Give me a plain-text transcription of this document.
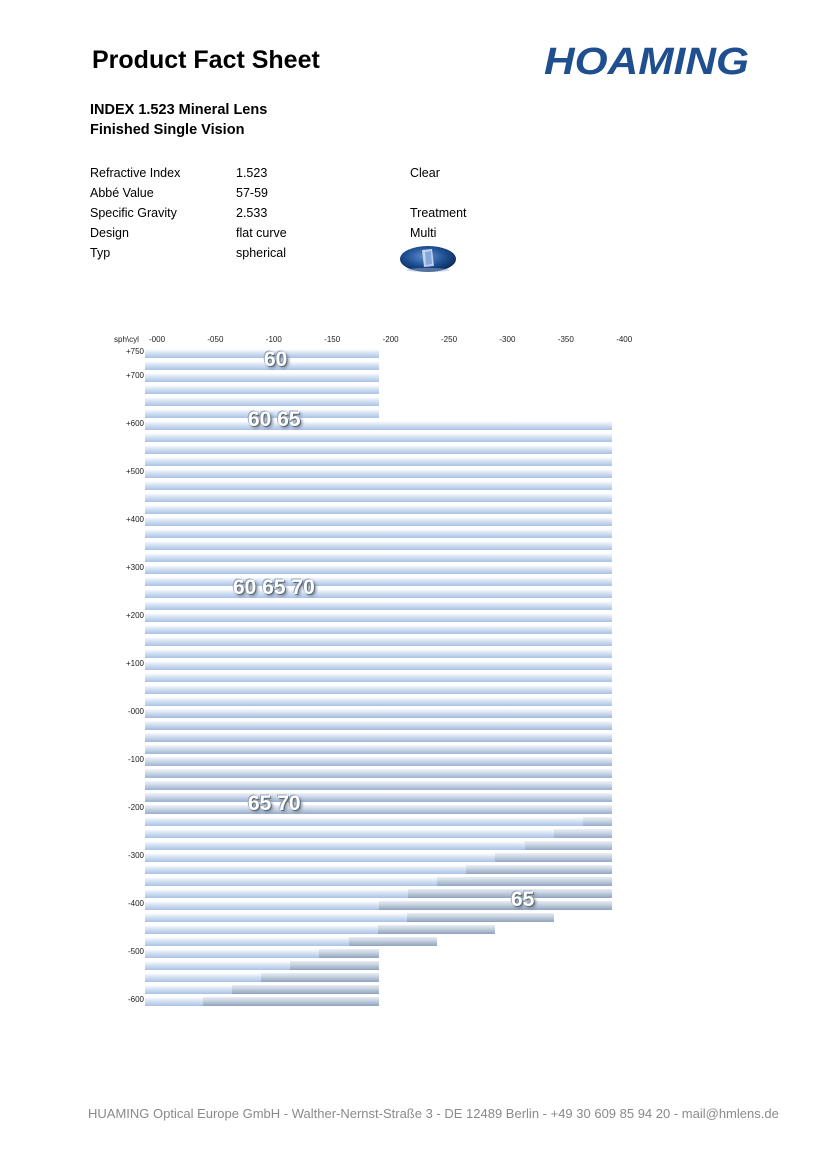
Product Fact Sheet	HOAMING
INDEX 1.523 Mineral Lens
Finished Single Vision
Refractive Index	1.523
Abbé Value	57-59
Specific Gravity	2.533
Design	flat curve
Typ	spherical
Clear
Treatment
Multi
sph\cyl -000	-050	-100	-150	-200	-250	-300	-350	-400
+750
+700
+600
+500
+400
+300
+200
+100
-000
-100
-200
-300
-400
-500
-600
60
60 65
60 65 70
65 70
65
HUAMING Optical Europe GmbH - Walther-Nernst-Straße 3 - DE 12489 Berlin - +49 30 609 85 94 20 - mail@hmlens.de
